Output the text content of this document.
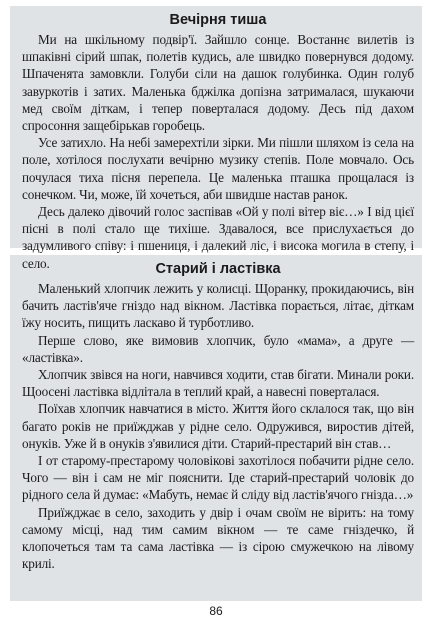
Вечірня тиша

Ми на шкільному подвір'ї. Зайшло сонце. Востаннє вилетів із шпаківні сірий шпак, полетів кудись, але швидко повернувся додому. Шпаченята замовкли. Голуби сіли на дашок голубинка. Один голуб завуркотів і затих. Маленька бджілка допізна затрималася, шукаючи мед своїм діткам, і тепер поверталася додому. Десь під дахом спросоння защебірькав горобець.

Усе затихло. На небі замерехтіли зірки. Ми пішли шляхом із села на поле, хотілося послухати вечірню музику степів. Поле мовчало. Ось почулася тиха пісня перепела. Це маленька пташка прощалася із сонечком. Чи, може, їй хочеться, аби швидше настав ранок.

Десь далеко дівочий голос заспівав «Ой у полі вітер віє…» І від цієї пісні в полі стало ще тихіше. Здавалося, все прислухається до задумливого співу: і пшениця, і далекий ліс, і висока могила в степу, і село.	Старий і ластівка

Маленький хлопчик лежить у колисці. Щоранку, прокидаючись, він бачить ластів'яче гніздо над вікном. Ластівка порається, літає, діткам їжу носить, пищить ласкаво й турботливо.

Перше слово, яке вимовив хлопчик, було «мама», а друге — «ластівка».

Хлопчик звівся на ноги, навчився ходити, став бігати. Минали роки. Щоосені ластівка відлітала в теплий край, а навесні поверталася.

Поїхав хлопчик навчатися в місто. Життя його склалося так, що він багато років не приїжджав у рідне село. Одружився, виростив дітей, онуків. Уже й в онуків з'явилися діти. Старий-престарий він став…

І от старому-престарому чоловікові захотілося побачити рідне село. Чого — він і сам не міг пояснити. Іде старий-престарий чоловік до рідного села й думає: «Мабуть, немає й сліду від ластів'ячого гнізда…»

Приїжджає в село, заходить у двір і очам своїм не вірить: на тому самому місці, над тим самим вікном — те саме гніздечко, й клопочеться там та сама ластівка — із сірою смужечкою на лівому крилі.

86
